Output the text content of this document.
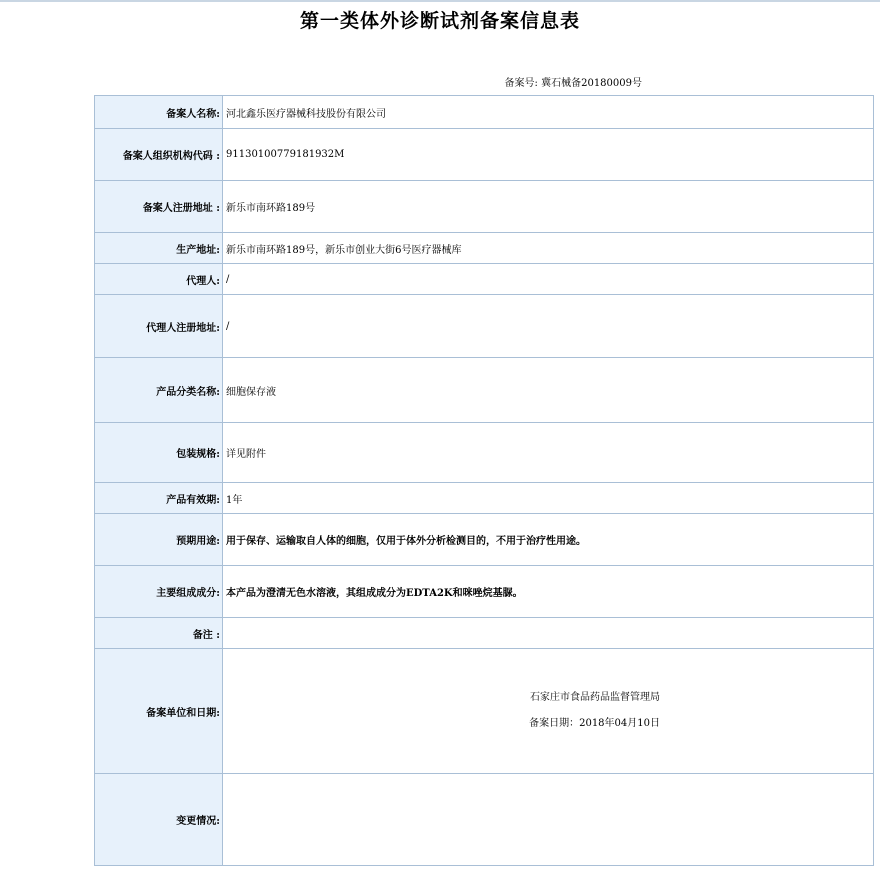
第一类体外诊断试剂备案信息表
备案号: 冀石械备20180009号
备案人名称:	河北鑫乐医疗器械科技股份有限公司
备案人组织机构代码 :	911301007791819​32M
备案人注册地址 :	新乐市南环路189号
生产地址:	新乐市南环路189号，新乐市创业大街6号医疗器械库
代理人:	/
代理人注册地址:	/
产品分类名称:	细胞保存液
包装规格:	详见附件
产品有效期:	1年
预期用途:	用于保存、运输取自人体的细胞，仅用于体外分析检测目的，不用于治疗性用途。
主要组成成分:	本产品为澄清无色水溶液，其组成成分为EDTA2K和咪唑烷基脲。
备注 :	
备案单位和日期:	石家庄市食品药品监督管理局
备案日期：2018年04月10日

变更情况:	
